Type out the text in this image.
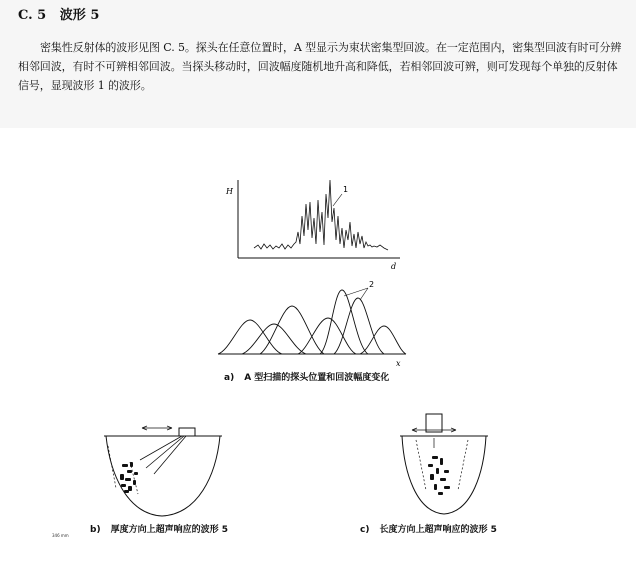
C. 5 波形 5

密集性反射体的波形见图 C. 5。探头在任意位置时，A 型显示为束状密集型回波。在一定范围内，密集型回波有时可分辨相邻回波，有时不可辨相邻回波。当探头移动时，回波幅度随机地升高和降低，若相邻回波可辨，则可发现每个单独的反射体信号，显现波形 1 的波形。

H
d
1
x
2
a) A 型扫描的探头位置和回波幅度变化
b) 厚度方向上超声响应的波形 5	c) 长度方向上超声响应的波形 5
346 mm
